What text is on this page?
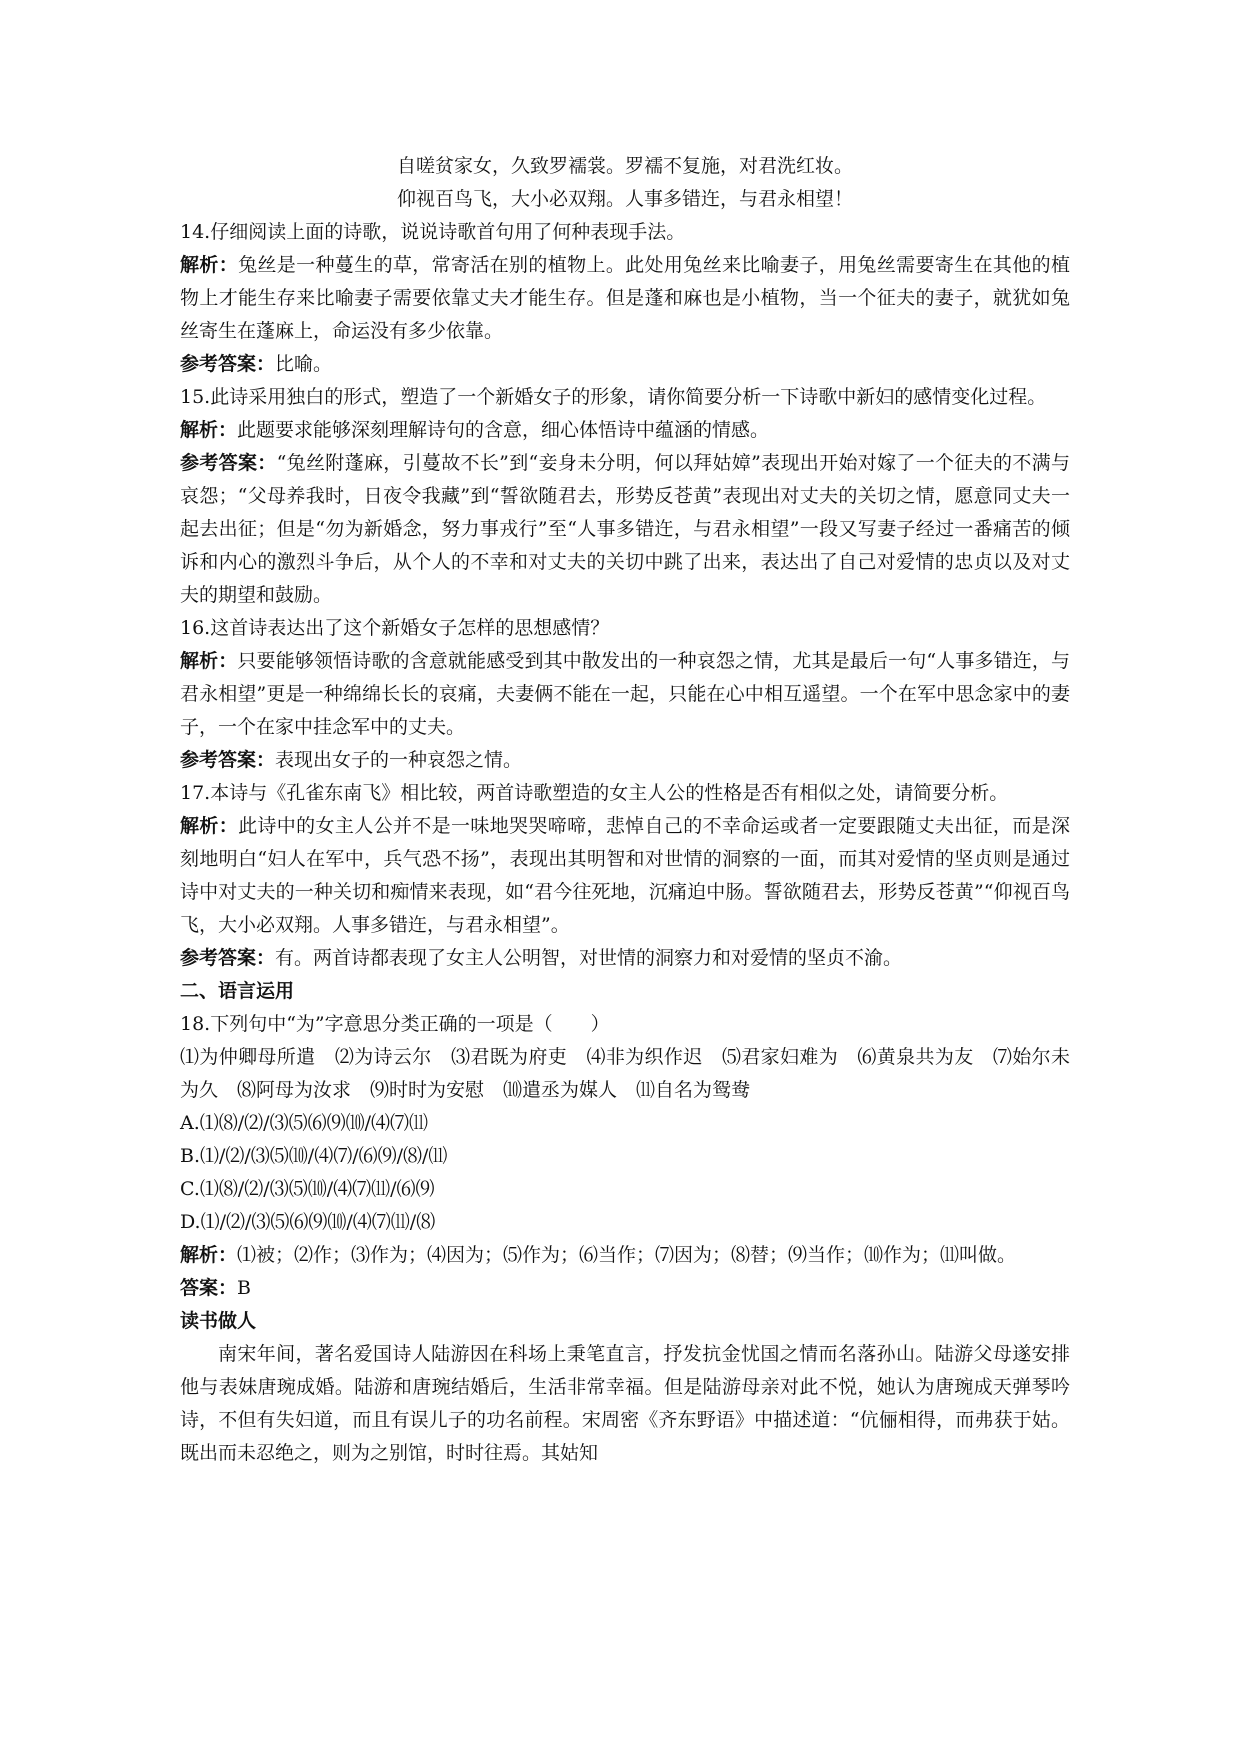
自嗟贫家女，久致罗襦裳。罗襦不复施，对君洗红妆。
仰视百鸟飞，大小必双翔。人事多错迕，与君永相望！
14.仔细阅读上面的诗歌，说说诗歌首句用了何种表现手法。
解析：兔丝是一种蔓生的草，常寄活在别的植物上。此处用兔丝来比喻妻子，用兔丝需要寄生在其他的植物上才能生存来比喻妻子需要依靠丈夫才能生存。但是蓬和麻也是小植物，当一个征夫的妻子，就犹如兔丝寄生在蓬麻上，命运没有多少依靠。
参考答案：比喻。
15.此诗采用独白的形式，塑造了一个新婚女子的形象，请你简要分析一下诗歌中新妇的感情变化过程。
解析：此题要求能够深刻理解诗句的含意，细心体悟诗中蕴涵的情感。
参考答案：“兔丝附蓬麻，引蔓故不长”到“妾身未分明，何以拜姑嫜”表现出开始对嫁了一个征夫的不满与哀怨；“父母养我时，日夜令我藏”到“誓欲随君去，形势反苍黄”表现出对丈夫的关切之情，愿意同丈夫一起去出征；但是“勿为新婚念，努力事戎行”至“人事多错迕，与君永相望”一段又写妻子经过一番痛苦的倾诉和内心的激烈斗争后，从个人的不幸和对丈夫的关切中跳了出来，表达出了自己对爱情的忠贞以及对丈夫的期望和鼓励。
16.这首诗表达出了这个新婚女子怎样的思想感情？
解析：只要能够领悟诗歌的含意就能感受到其中散发出的一种哀怨之情，尤其是最后一句“人事多错迕，与君永相望”更是一种绵绵长长的哀痛，夫妻俩不能在一起，只能在心中相互遥望。一个在军中思念家中的妻子，一个在家中挂念军中的丈夫。
参考答案：表现出女子的一种哀怨之情。
17.本诗与《孔雀东南飞》相比较，两首诗歌塑造的女主人公的性格是否有相似之处，请简要分析。
解析：此诗中的女主人公并不是一味地哭哭啼啼，悲悼自己的不幸命运或者一定要跟随丈夫出征，而是深刻地明白“妇人在军中，兵气恐不扬”，表现出其明智和对世情的洞察的一面，而其对爱情的坚贞则是通过诗中对丈夫的一种关切和痴情来表现，如“君今往死地，沉痛迫中肠。誓欲随君去，形势反苍黄”“仰视百鸟飞，大小必双翔。人事多错迕，与君永相望”。
参考答案：有。两首诗都表现了女主人公明智，对世情的洞察力和对爱情的坚贞不渝。
二、语言运用
18.下列句中“为”字意思分类正确的一项是（　　）
⑴为仲卿母所遣　⑵为诗云尔　⑶君既为府吏　⑷非为织作迟　⑸君家妇难为　⑹黄泉共为友　⑺始尔未为久　⑻阿母为汝求　⑼时时为安慰　⑽遣丞为媒人　⑾自名为鸳鸯
A.⑴⑻/⑵/⑶⑸⑹⑼⑽/⑷⑺⑾
B.⑴/⑵/⑶⑸⑽/⑷⑺/⑹⑼/⑻/⑾
C.⑴⑻/⑵/⑶⑸⑽/⑷⑺⑾/⑹⑼
D.⑴/⑵/⑶⑸⑹⑼⑽/⑷⑺⑾/⑻
解析：⑴被；⑵作；⑶作为；⑷因为；⑸作为；⑹当作；⑺因为；⑻替；⑼当作；⑽作为；⑾叫做。
答案：B
读书做人
南宋年间，著名爱国诗人陆游因在科场上秉笔直言，抒发抗金忧国之情而名落孙山。陆游父母遂安排他与表妹唐琬成婚。陆游和唐琬结婚后，生活非常幸福。但是陆游母亲对此不悦，她认为唐琬成天弹琴吟诗，不但有失妇道，而且有误儿子的功名前程。宋周密《齐东野语》中描述道：“伉俪相得，而弗获于姑。既出而未忍绝之，则为之别馆，时时往焉。其姑知
